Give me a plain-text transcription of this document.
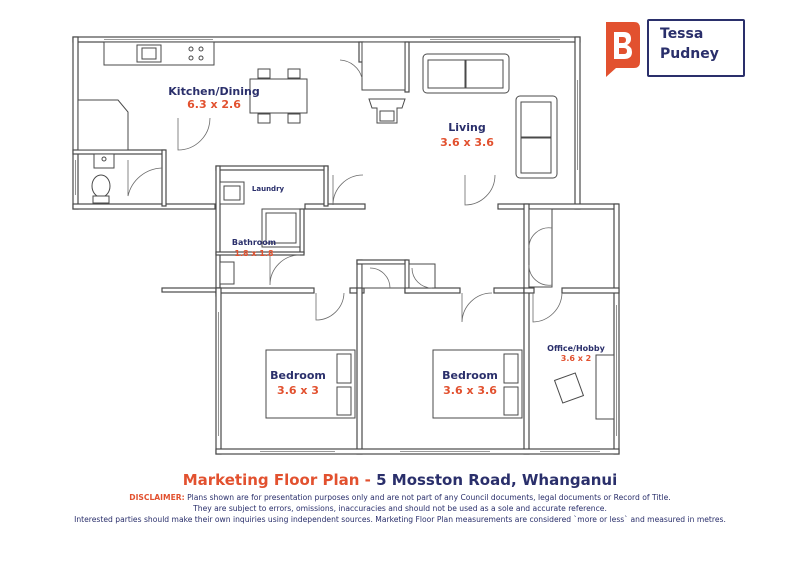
Kitchen/Dining
6.3 x 2.6
Living
3.6 x 3.6
Laundry
Bathroom
1.8 x 1.8
Bedroom
3.6 x 3
Bedroom
3.6 x 3.6
Office/Hobby
3.6 x 2
Tessa
Pudney
Marketing Floor Plan - 5 Mosston Road, Whanganui
DISCLAIMER: Plans shown are for presentation purposes only and are not part of any Council documents, legal documents or Record of Title.
They are subject to errors, omissions, inaccuracies and should not be used as a sole and accurate reference.
Interested parties should make their own inquiries using independent sources. Marketing Floor Plan measurements are considered `more or less` and measured in metres.
